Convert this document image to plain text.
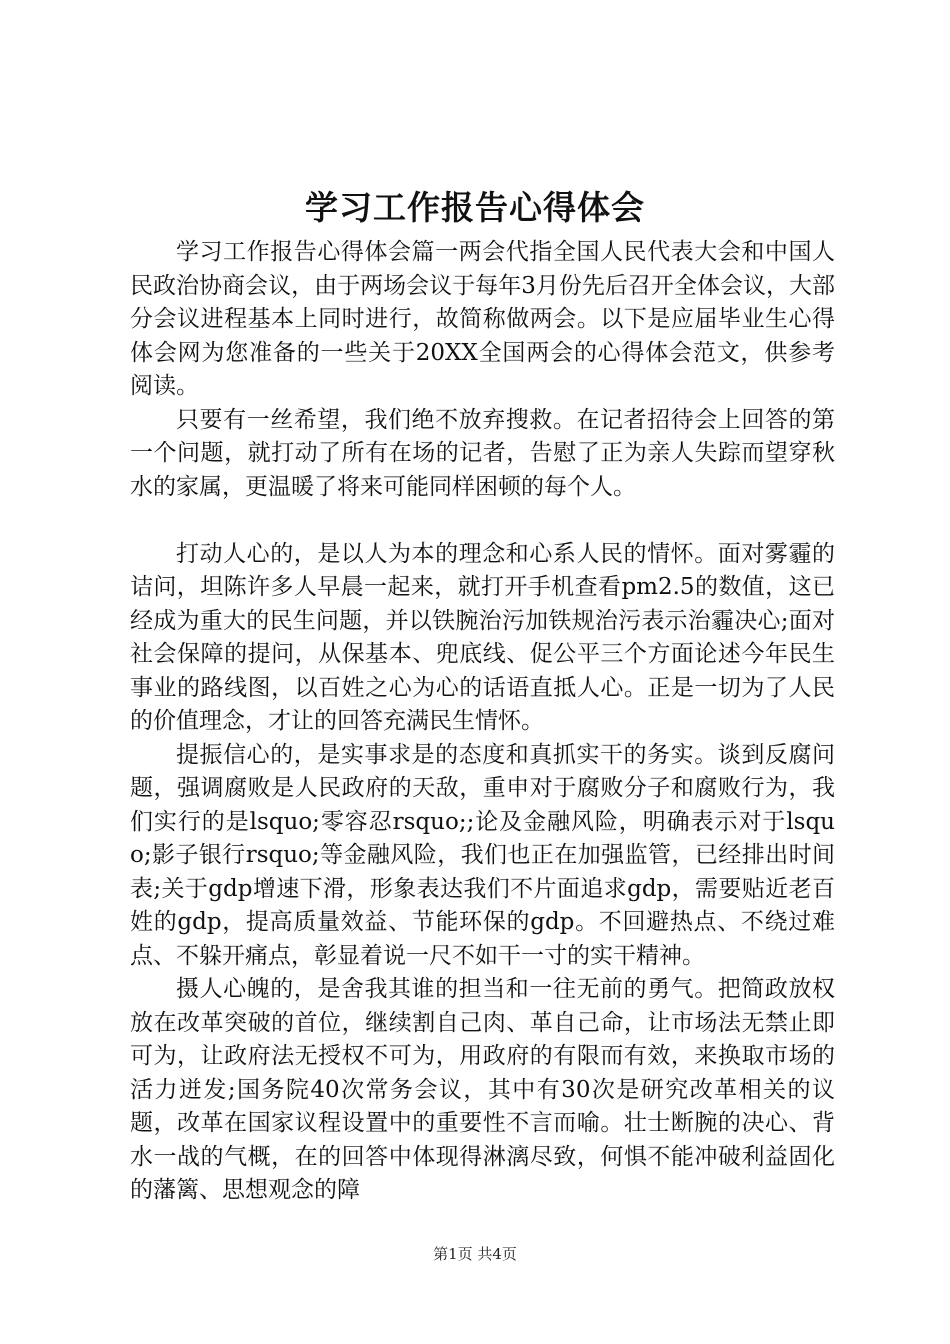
学习工作报告心得体会

学习工作报告心得体会篇一两会代指全国人民代表大会和中国人民政治协商会议，由于两场会议于每年3月份先后召开全体会议，大部分会议进程基本上同时进行，故简称做两会。以下是应届毕业生心得体会网为您准备的一些关于20XX全国两会的心得体会范文，供参考阅读。

只要有一丝希望，我们绝不放弃搜救。在记者招待会上回答的第一个问题，就打动了所有在场的记者，告慰了正为亲人失踪而望穿秋水的家属，更温暖了将来可能同样困顿的每个人。

打动人心的，是以人为本的理念和心系人民的情怀。面对雾霾的诘问，坦陈许多人早晨一起来，就打开手机查看pm2.5的数值，这已经成为重大的民生问题，并以铁腕治污加铁规治污表示治霾决心;面对社会保障的提问，从保基本、兜底线、促公平三个方面论述今年民生事业的路线图，以百姓之心为心的话语直抵人心。正是一切为了人民的价值理念，才让的回答充满民生情怀。

提振信心的，是实事求是的态度和真抓实干的务实。谈到反腐问题，强调腐败是人民政府的天敌，重申对于腐败分子和腐败行为，我们实行的是lsquo;零容忍rsquo;;论及金融风险，明确表示对于lsquo;影子银行rsquo;等金融风险，我们也正在加强监管，已经排出时间表;关于gdp增速下滑，形象表达我们不片面追求gdp，需要贴近老百姓的gdp，提高质量效益、节能环保的gdp。不回避热点、不绕过难点、不躲开痛点，彰显着说一尺不如干一寸的实干精神。

摄人心魄的，是舍我其谁的担当和一往无前的勇气。把简政放权放在改革突破的首位，继续割自己肉、革自己命，让市场法无禁止即可为，让政府法无授权不可为，用政府的有限而有效，来换取市场的活力迸发;国务院40次常务会议，其中有30次是研究改革相关的议题，改革在国家议程设置中的重要性不言而喻。壮士断腕的决心、背水一战的气概，在的回答中体现得淋漓尽致，何惧不能冲破利益固化的藩篱、思想观念的障

第1页 共4页
